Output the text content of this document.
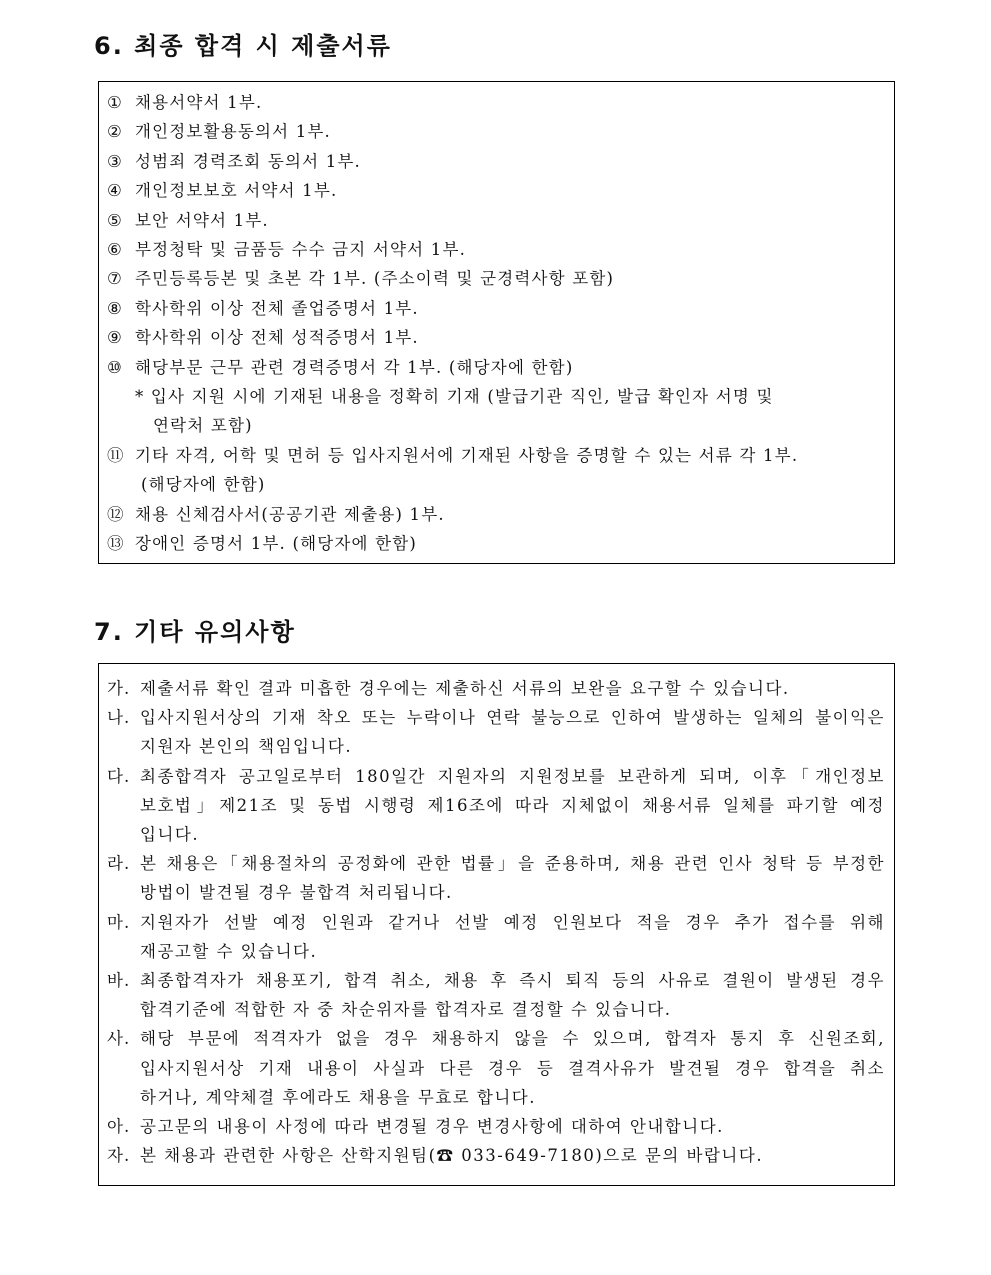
6. 최종 합격 시 제출서류
① 채용서약서 1부.
② 개인정보활용동의서 1부.
③ 성범죄 경력조회 동의서 1부.
④ 개인정보보호 서약서 1부.
⑤ 보안 서약서 1부.
⑥ 부정청탁 및 금품등 수수 금지 서약서 1부.
⑦ 주민등록등본 및 초본 각 1부. (주소이력 및 군경력사항 포함)
⑧ 학사학위 이상 전체 졸업증명서 1부.
⑨ 학사학위 이상 전체 성적증명서 1부.
⑩ 해당부문 근무 관련 경력증명서 각 1부. (해당자에 한함)
* 입사 지원 시에 기재된 내용을 정확히 기재 (발급기관 직인, 발급 확인자 서명 및
연락처 포함)
⑪ 기타 자격, 어학 및 면허 등 입사지원서에 기재된 사항을 증명할 수 있는 서류 각 1부.
(해당자에 한함)
⑫ 채용 신체검사서(공공기관 제출용) 1부.
⑬ 장애인 증명서 1부. (해당자에 한함)
7. 기타 유의사항
가. 제출서류 확인 결과 미흡한 경우에는 제출하신 서류의 보완을 요구할 수 있습니다.
나. 입사지원서상의 기재 착오 또는 누락이나 연락 불능으로 인하여 발생하는 일체의 불이익은
지원자 본인의 책임입니다.
다. 최종합격자 공고일로부터 180일간 지원자의 지원정보를 보관하게 되며, 이후「개인정보
보호법」제21조 및 동법 시행령 제16조에 따라 지체없이 채용서류 일체를 파기할 예정
입니다.
라. 본 채용은「채용절차의 공정화에 관한 법률」을 준용하며, 채용 관련 인사 청탁 등 부정한
방법이 발견될 경우 불합격 처리됩니다.
마. 지원자가 선발 예정 인원과 같거나 선발 예정 인원보다 적을 경우 추가 접수를 위해
재공고할 수 있습니다.
바. 최종합격자가 채용포기, 합격 취소, 채용 후 즉시 퇴직 등의 사유로 결원이 발생된 경우
합격기준에 적합한 자 중 차순위자를 합격자로 결정할 수 있습니다.
사. 해당 부문에 적격자가 없을 경우 채용하지 않을 수 있으며, 합격자 통지 후 신원조회,
입사지원서상 기재 내용이 사실과 다른 경우 등 결격사유가 발견될 경우 합격을 취소
하거나, 계약체결 후에라도 채용을 무효로 합니다.
아. 공고문의 내용이 사정에 따라 변경될 경우 변경사항에 대하여 안내합니다.
자. 본 채용과 관련한 사항은 산학지원팀(☎ 033-649-7180)으로 문의 바랍니다.
